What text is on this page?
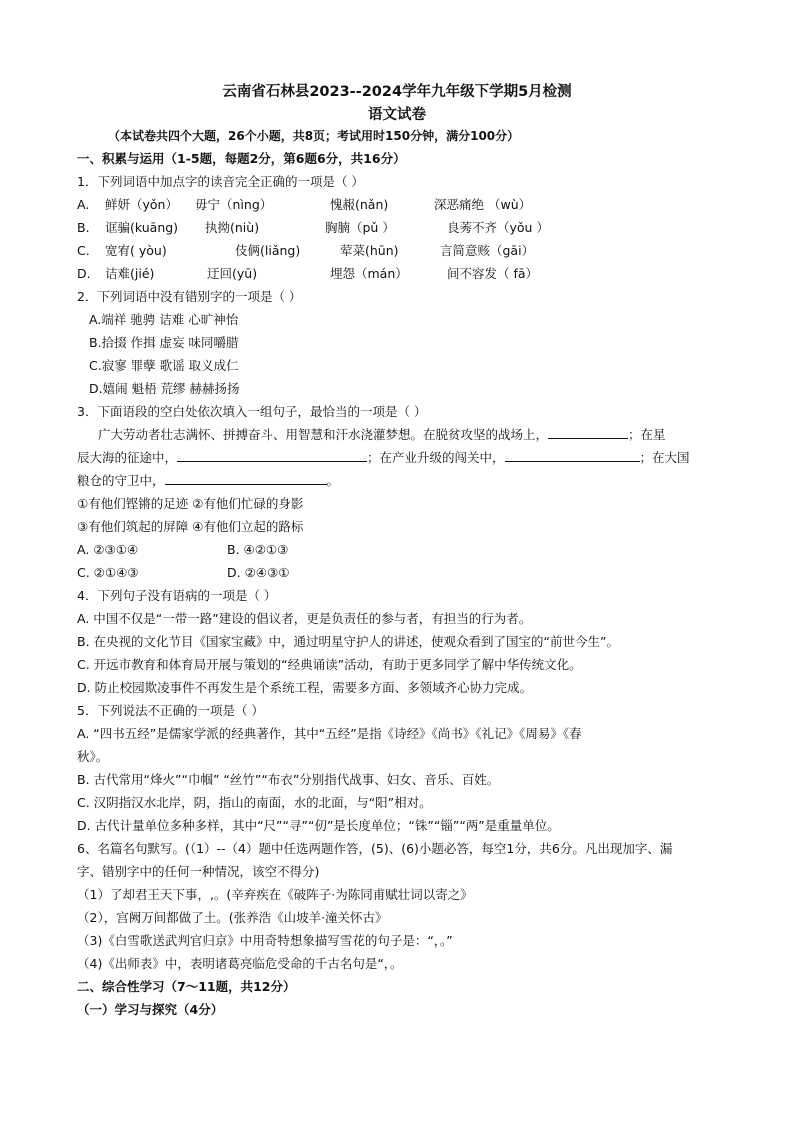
云南省石林县2023--2024学年九年级下学期5月检测
语文试卷
（本试卷共四个大题，26个小题，共8页；考试用时150分钟，满分100分）
一、积累与运用（1-5题，每题2分，第6题6分，共16分）
1．下列词语中加点字的读音完全正确的一项是（ ）
A. 鲜妍（yǒn） 毋宁（nìng）	愧赧(nǎn)	深恶痛绝 （wù）
B. 诓骗(kuāng) 执拗(niù)	胸腩（pǔ ）	良莠不齐（yǒu ）
C. 宽宥( yòu)	伎俩(liǎng)	荤菜(hūn)	言简意赅（gāi）
D. 诘难(jié)	迂回(yū)	埋怨（mán）	间不容发（ fā）
2．下列词语中没有错别字的一项是（ ）
A.端祥 驰骋 诘难 心旷神怡
B.拾掇 作揖 虚妄 味同嚼腊
C.寂寥 罪孽 歌谣 取义成仁
D.嬉闹 魁梧 荒缪 赫赫扬扬
3．下面语段的空白处依次填入一组句子，最恰当的一项是（ ）
广大劳动者壮志满怀、拼搏奋斗、用智慧和汗水浇灌梦想。在脱贫攻坚的战场上，	；在星
辰大海的征途中，	；在产业升级的闯关中，	；在大国
粮仓的守卫中，	。
①有他们铿锵的足迹 ②有他们忙碌的身影
③有他们筑起的屏障 ④有他们立起的路标
A. ②③①④	B. ④②①③
C. ②①④③	D. ②④③①
4．下列句子没有语病的一项是（ ）
A. 中国不仅是“一带一路”建设的倡议者，更是负责任的参与者，有担当的行为者。
B. 在央视的文化节目《国家宝藏》中，通过明星守护人的讲述，使观众看到了国宝的“前世今生”。
C. 开远市教育和体育局开展与策划的“经典诵读”活动，有助于更多同学了解中华传统文化。
D. 防止校园欺凌事件不再发生是个系统工程，需要多方面、多领域齐心协力完成。
5．下列说法不正确的一项是（ ）
A. “四书五经”是儒家学派的经典著作，其中“五经”是指《诗经》《尚书》《礼记》《周易》《春
秋》。
B. 古代常用“烽火”“巾帼” “丝竹”“布衣”分别指代战事、妇女、音乐、百姓。
C. 汉阴指汉水北岸，阴，指山的南面，水的北面，与“阳”相对。
D. 古代计量单位多种多样，其中“尺”“寻”“仞”是长度单位；“铢”“锱”“两”是重量单位。
6、名篇名句默写。(（1）--（4）题中任选两题作答，(5)、(6)小题必答，每空1分，共6分。凡出现加字、漏
字、错别字中的任何一种情况，该空不得分)
（1）了却君王天下事，,。(辛弃疾在《破阵子·为陈同甫赋壮词以寄之》
（2），宫阙万间都做了土。(张养浩《山坡羊·潼关怀古》
（3)《白雪歌送武判官归京》中用奇特想象描写雪花的句子是：“，。”
（4)《出师表》中，表明诸葛亮临危受命的千古名句是“，。
二、综合性学习（7～11题，共12分）
（一）学习与探究（4分）
